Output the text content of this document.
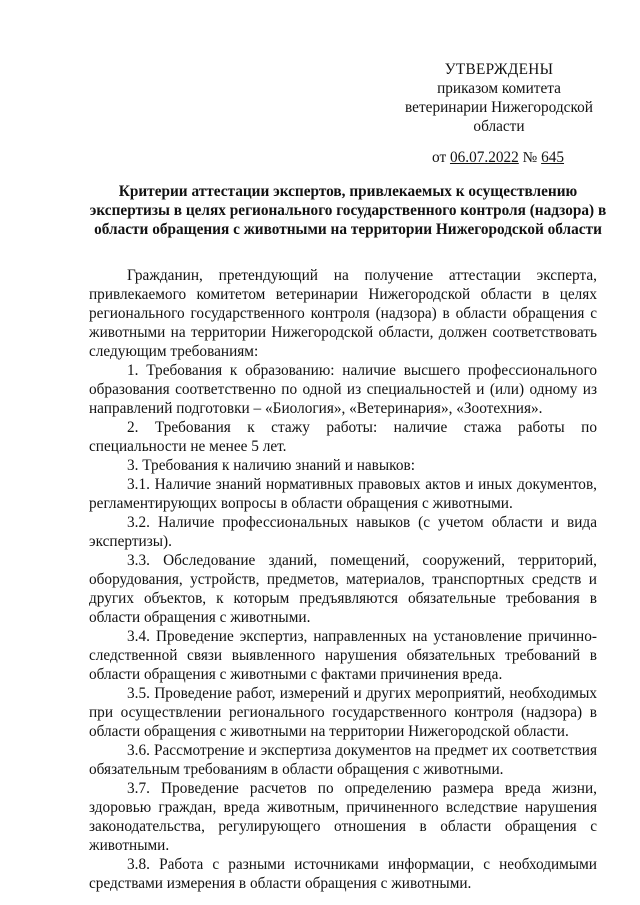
УТВЕРЖДЕНЫ
приказом комитета
ветеринарии Нижегородской
области
от 06.07.2022 № 645
Критерии аттестации экспертов, привлекаемых к осуществлению экспертизы в целях регионального государственного контроля (надзора) в области обращения с животными на территории Нижегородской области

Гражданин, претендующий на получение аттестации эксперта, привлекаемого комитетом ветеринарии Нижегородской области в целях регионального государственного контроля (надзора) в области обращения с животными на территории Нижегородской области, должен соответствовать следующим требованиям:

1. Требования к образованию: наличие высшего профессионального образования соответственно по одной из специальностей и (или) одному из направлений подготовки – «Биология», «Ветеринария», «Зоотехния».

2. Требования к стажу работы: наличие стажа работы по специальности не менее 5 лет.

3. Требования к наличию знаний и навыков:

3.1. Наличие знаний нормативных правовых актов и иных документов, регламентирующих вопросы в области обращения с животными.

3.2. Наличие профессиональных навыков (с учетом области и вида экспертизы).

3.3. Обследование зданий, помещений, сооружений, территорий, оборудования, устройств, предметов, материалов, транспортных средств и других объектов, к которым предъявляются обязательные требования в области обращения с животными.

3.4. Проведение экспертиз, направленных на установление причинно-следственной связи выявленного нарушения обязательных требований в области обращения с животными с фактами причинения вреда.

3.5. Проведение работ, измерений и других мероприятий, необходимых при осуществлении регионального государственного контроля (надзора) в области обращения с животными на территории Нижегородской области.

3.6. Рассмотрение и экспертиза документов на предмет их соответствия обязательным требованиям в области обращения с животными.

3.7. Проведение расчетов по определению размера вреда жизни, здоровью граждан, вреда животным, причиненного вследствие нарушения законодательства, регулирующего отношения в области обращения с животными.

3.8. Работа с разными источниками информации, с необходимыми средствами измерения в области обращения с животными.
